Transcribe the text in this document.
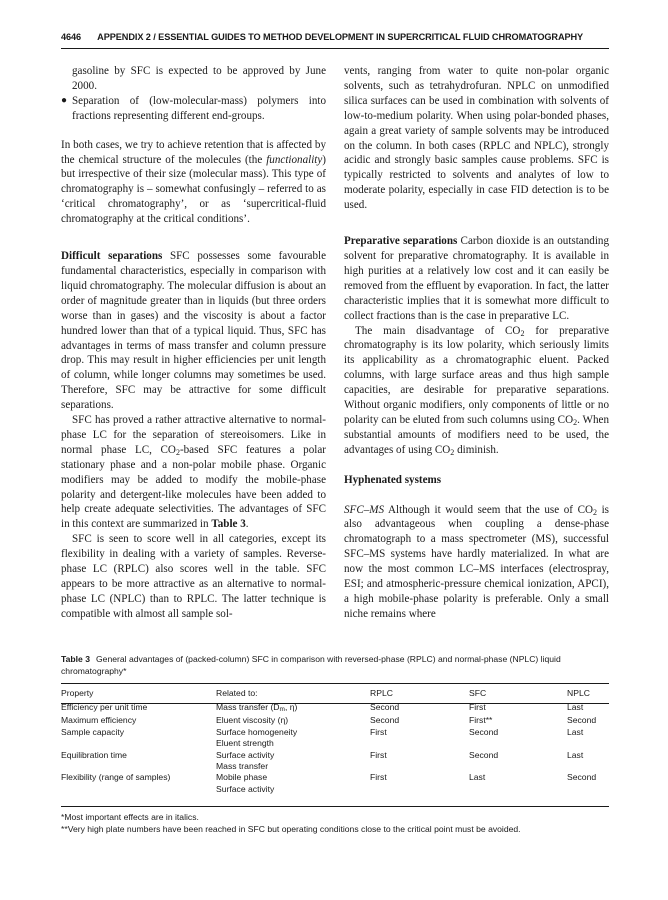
4646 APPENDIX 2 / ESSENTIAL GUIDES TO METHOD DEVELOPMENT IN SUPERCRITICAL FLUID CHROMATOGRAPHY

gasoline by SFC is expected to be approved by June 2000.

● Separation of (low-molecular-mass) polymers into fractions representing different end-groups.

In both cases, we try to achieve retention that is affected by the chemical structure of the molecules (the functionality) but irrespective of their size (molecular mass). This type of chromatography is – somewhat confusingly – referred to as ‘critical chromatography’, or as ‘supercritical-fluid chromatography at the critical conditions’.

Difficult separations SFC possesses some favourable fundamental characteristics, especially in comparison with liquid chromatography. The molecular diffusion is about an order of magnitude greater than in liquids (but three orders worse than in gases) and the viscosity is about a factor hundred lower than that of a typical liquid. Thus, SFC has advantages in terms of mass transfer and column pressure drop. This may result in higher efficiencies per unit length of column, while longer columns may sometimes be used. Therefore, SFC may be attractive for some difficult separations.

SFC has proved a rather attractive alternative to normal-phase LC for the separation of stereoisomers. Like in normal phase LC, $CO_2$-based SFC features a polar stationary phase and a non-polar mobile phase. Organic modifiers may be added to modify the mobile-phase polarity and detergent-like molecules have been added to help create adequate selectivities. The advantages of SFC in this context are summarized in Table 3.

SFC is seen to score well in all categories, except its flexibility in dealing with a variety of samples. Reverse-phase LC (RPLC) also scores well in the table. SFC appears to be more attractive as an alternative to normal-phase LC (NPLC) than to RPLC. The latter technique is compatible with almost all sample sol-

vents, ranging from water to quite non-polar organic solvents, such as tetrahydrofuran. NPLC on unmodified silica surfaces can be used in combination with solvents of low-to-medium polarity. When using polar-bonded phases, again a great variety of sample solvents may be introduced on the column. In both cases (RPLC and NPLC), strongly acidic and strongly basic samples cause problems. SFC is typically restricted to solvents and analytes of low to moderate polarity, especially in case FID detection is to be used.

Preparative separations Carbon dioxide is an outstanding solvent for preparative chromatography. It is available in high purities at a relatively low cost and it can easily be removed from the effluent by evaporation. In fact, the latter characteristic implies that it is somewhat more difficult to collect fractions than is the case in preparative LC.

The main disadvantage of $CO_2$ for preparative chromatography is its low polarity, which seriously limits its applicability as a chromatographic eluent. Packed columns, with large surface areas and thus high sample capacities, are desirable for preparative separations. Without organic modifiers, only components of little or no polarity can be eluted from such columns using $CO_2$. When substantial amounts of modifiers need to be used, the advantages of using $CO_2$ diminish.

Hyphenated systems

SFC–MS Although it would seem that the use of $CO_2$ is also advantageous when coupling a dense-phase chromatograph to a mass spectrometer (MS), successful SFC–MS systems have hardly materialized. In what are now the most common LC–MS interfaces (electrospray, ESI; and atmospheric-pressure chemical ionization, APCI), a high mobile-phase polarity is preferable. Only a small niche remains where

Table 3 General advantages of (packed-column) SFC in comparison with reversed-phase (RPLC) and normal-phase (NPLC) liquid chromatography*
Property	Related to:	RPLC	SFC	NPLC
Efficiency per unit time	Mass transfer (Dm, η)	Second	First	Last
Maximum efficiency	Eluent viscosity (η)	Second	First**	Second
Sample capacity	Surface homogeneity	First	Second	Last
	Eluent strength			
Equilibration time	Surface activity	First	Second	Last
	Mass transfer			
Flexibility (range of samples)	Mobile phase	First	Last	Second
	Surface activity			
*Most important effects are in italics.
**Very high plate numbers have been reached in SFC but operating conditions close to the critical point must be avoided.
